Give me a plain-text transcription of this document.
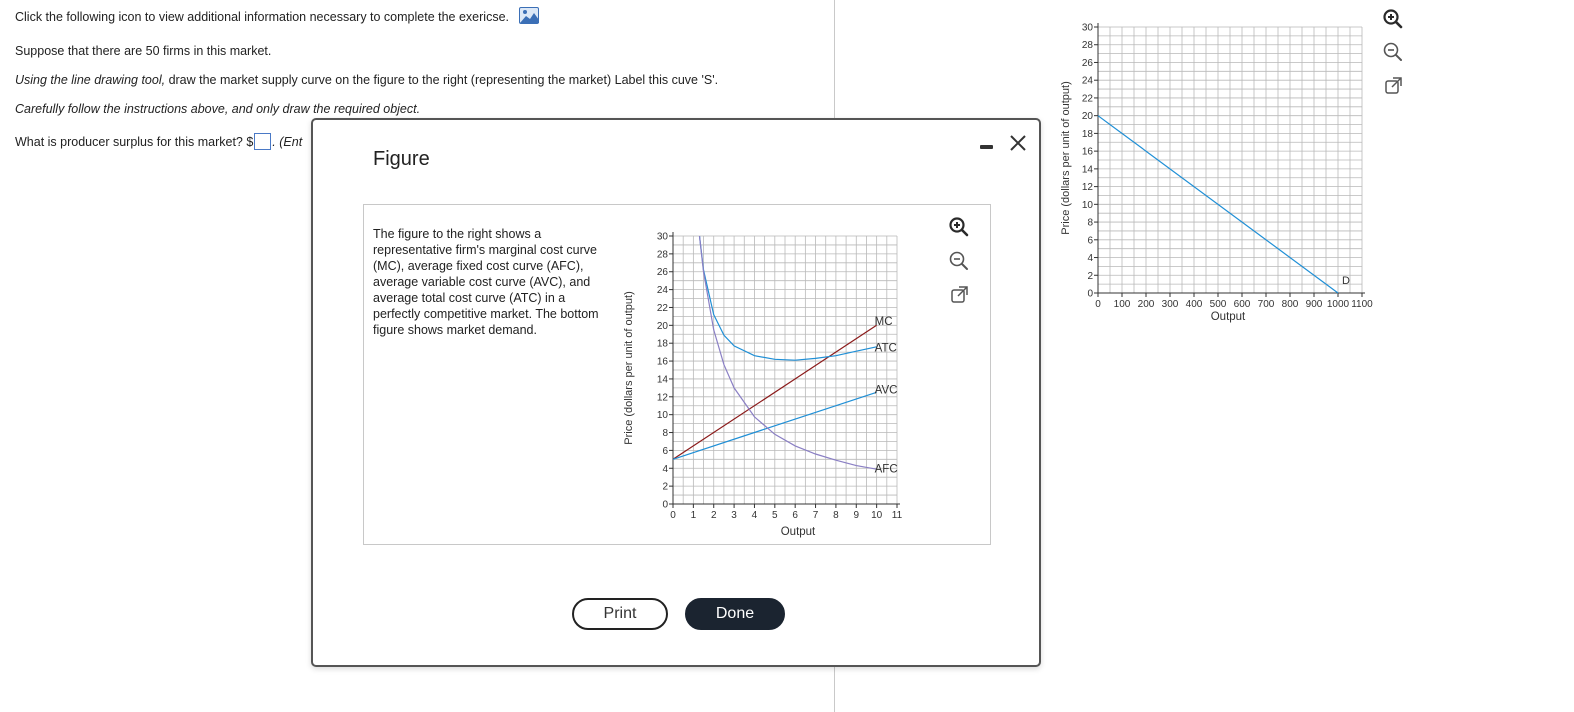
Click the following icon to view additional information necessary to complete the exericse.
Suppose that there are 50 firms in this market.
Using the line drawing tool, draw the market supply curve on the figure to the right (representing the market) Label this cuve 'S'.
Carefully follow the instructions above, and only draw the required object.
What is producer surplus for this market? $ . (Ent	Price (dollars per unit of output)
Output
0
2
4
6
8
10
12
14
16
18
20
22
24
26
28
30
0 100 200 300 400 500 600 700 800 900 1000 1100
D
Figure
The figure to the right shows a representative firm's marginal cost curve (MC), average fixed cost curve (AFC), average variable cost curve (AVC), and average total cost curve (ATC) in a perfectly competitive market. The bottom figure shows market demand.	Price (dollars per unit of output)
Output
0
2
4
6
8
10
12
14
16
18
20
22
24
26
28
30
0 1 2 3 4 5 6 7 8 9 10 11
MC
ATC
AVC
AFC
Print	Done
